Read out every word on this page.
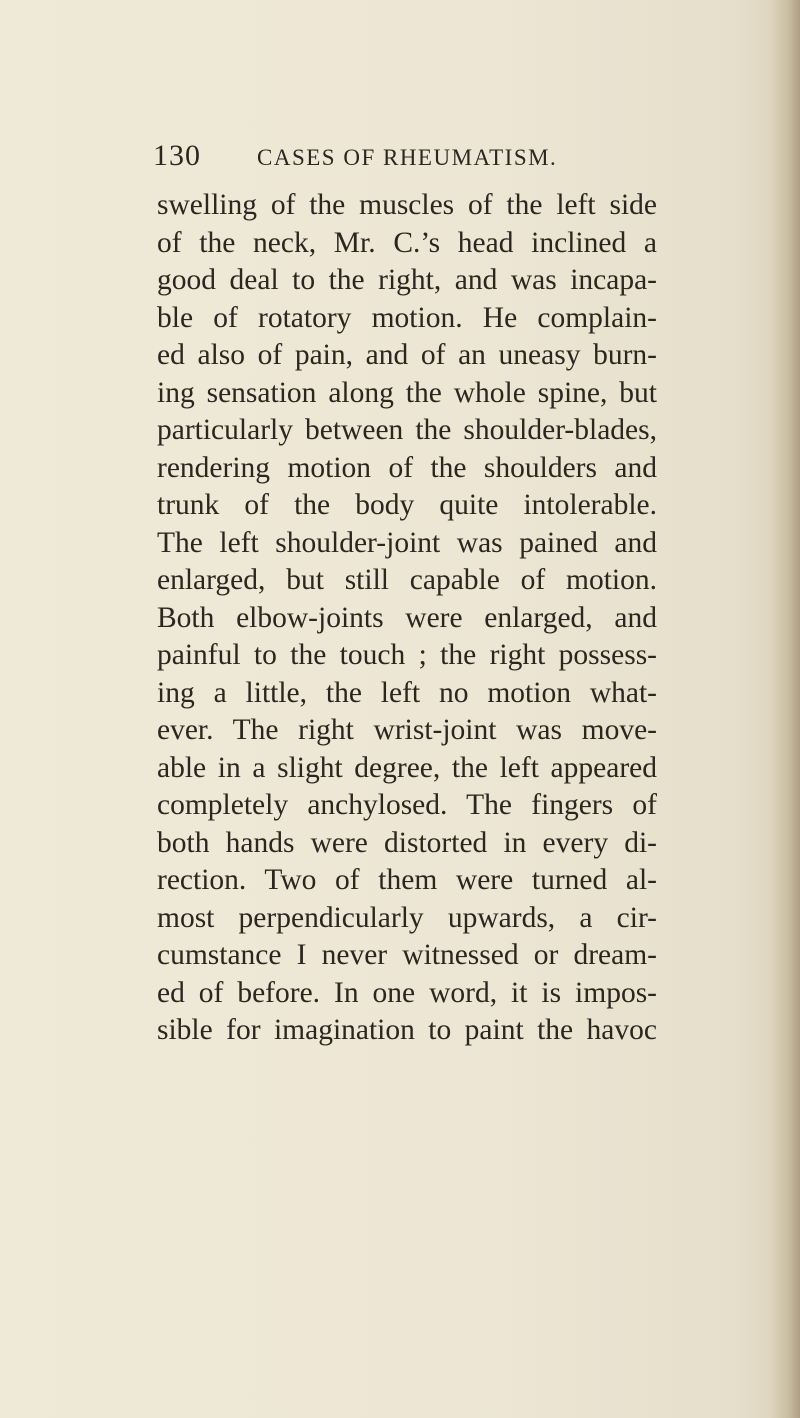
130 CASES OF RHEUMATISM.
swelling of the muscles of the left side
of the neck, Mr. C.’s head inclined a
good deal to the right, and was incapa-
ble of rotatory motion. He complain-
ed also of pain, and of an uneasy burn-
ing sensation along the whole spine, but
particularly between the shoulder-blades,
rendering motion of the shoulders and
trunk of the body quite intolerable.
The left shoulder-joint was pained and
enlarged, but still capable of motion.
Both elbow-joints were enlarged, and
painful to the touch ; the right possess-
ing a little, the left no motion what-
ever. The right wrist-joint was move-
able in a slight degree, the left appeared
completely anchylosed. The fingers of
both hands were distorted in every di-
rection. Two of them were turned al-
most perpendicularly upwards, a cir-
cumstance I never witnessed or dream-
ed of before. In one word, it is impos-
sible for imagination to paint the havoc
